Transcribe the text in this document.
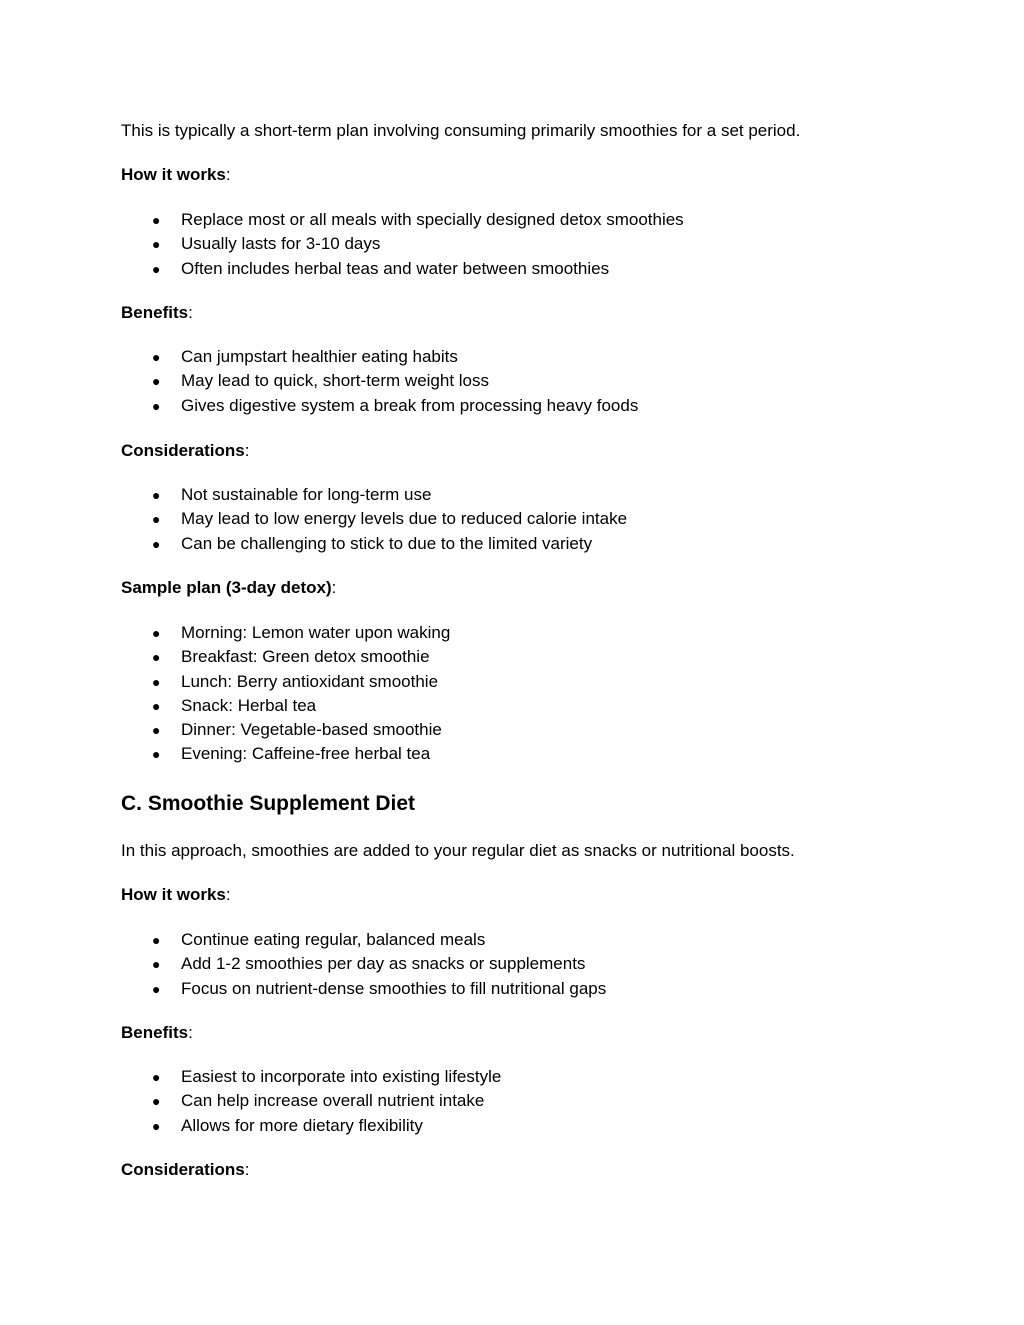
This is typically a short-term plan involving consuming primarily smoothies for a set period.

How it works:

● Replace most or all meals with specially designed detox smoothies
● Usually lasts for 3-10 days
● Often includes herbal teas and water between smoothies

Benefits:

● Can jumpstart healthier eating habits
● May lead to quick, short-term weight loss
● Gives digestive system a break from processing heavy foods

Considerations:

● Not sustainable for long-term use
● May lead to low energy levels due to reduced calorie intake
● Can be challenging to stick to due to the limited variety

Sample plan (3-day detox):

● Morning: Lemon water upon waking
● Breakfast: Green detox smoothie
● Lunch: Berry antioxidant smoothie
● Snack: Herbal tea
● Dinner: Vegetable-based smoothie
● Evening: Caffeine-free herbal tea
C. Smoothie Supplement Diet

In this approach, smoothies are added to your regular diet as snacks or nutritional boosts.

How it works:

● Continue eating regular, balanced meals
● Add 1-2 smoothies per day as snacks or supplements
● Focus on nutrient-dense smoothies to fill nutritional gaps

Benefits:

● Easiest to incorporate into existing lifestyle
● Can help increase overall nutrient intake
● Allows for more dietary flexibility

Considerations:
